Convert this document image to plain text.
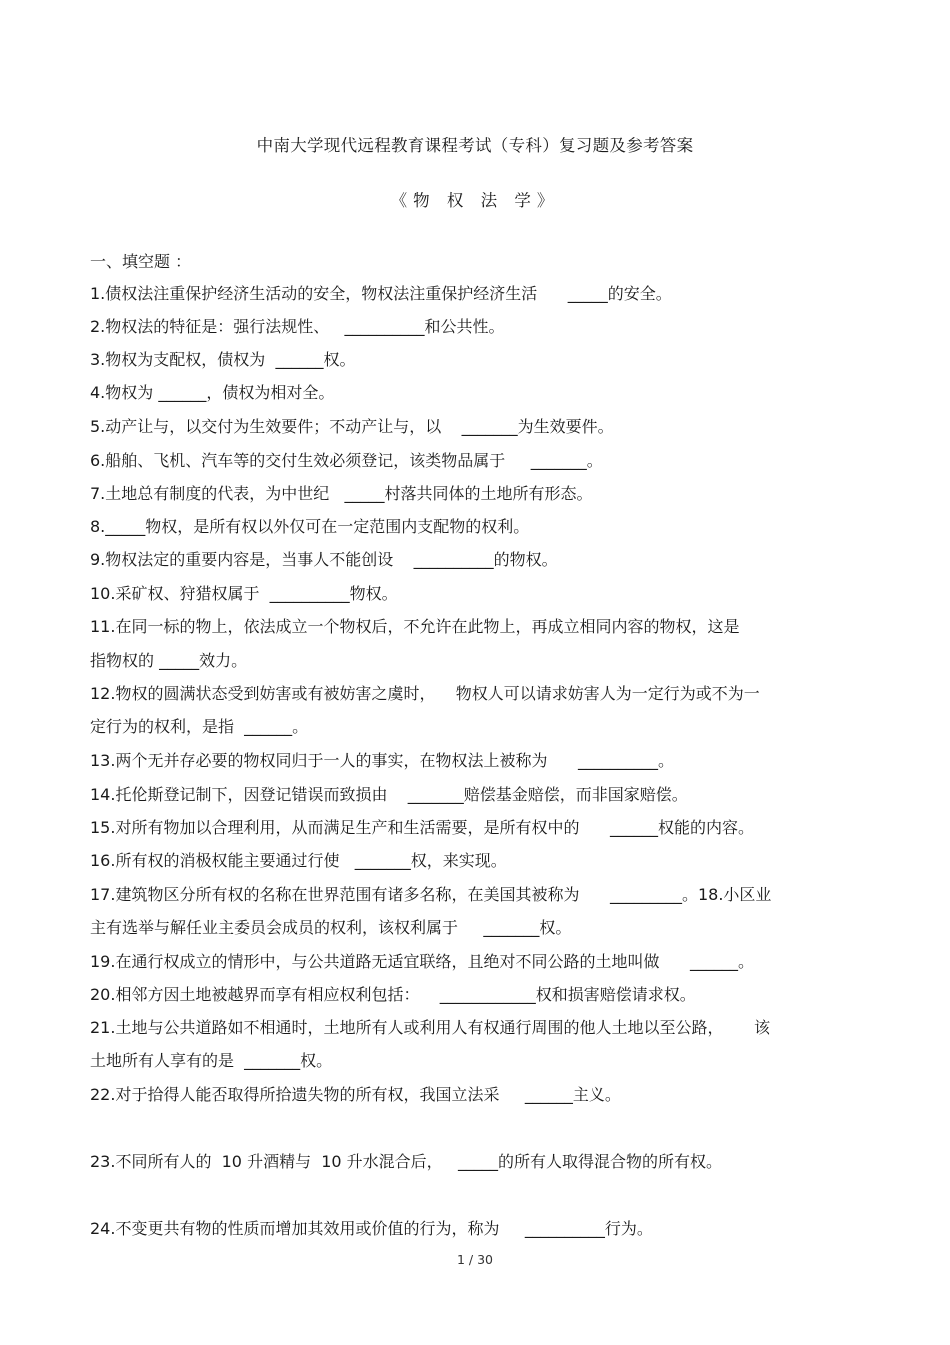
中南大学现代远程教育课程考试（专科）复习题及参考答案
《物 权 法 学》
一、填空题 ：
1.债权法注重保护经济生活动的安全，物权法注重保护经济生活      _____的安全。
2.物权法的特征是：强行法规性、   __________和公共性。
3.物权为支配权，债权为  ______权。
4.物权为 ______，债权为相对全。
5.动产让与，以交付为生效要件；不动产让与，以    _______为生效要件。
6.船舶、飞机、汽车等的交付生效必须登记，该类物品属于     _______。
7.土地总有制度的代表，为中世纪   _____村落共同体的土地所有形态。
8._____物权，是所有权以外仅可在一定范围内支配物的权利。
9.物权法定的重要内容是，当事人不能创设    __________的物权。
10.采矿权、狩猎权属于  __________物权。
11.在同一标的物上，依法成立一个物权后，不允许在此物上，再成立相同内容的物权，这是
指物权的 _____效力。
12.物权的圆满状态受到妨害或有被妨害之虞时，    物权人可以请求妨害人为一定行为或不为一
定行为的权利，是指  ______。
13.两个无并存必要的物权同归于一人的事实，在物权法上被称为      __________。
14.托伦斯登记制下，因登记错误而致损由    _______赔偿基金赔偿，而非国家赔偿。
15.对所有物加以合理利用，从而满足生产和生活需要，是所有权中的      ______权能的内容。
16.所有权的消极权能主要通过行使   _______权，来实现。
17.建筑物区分所有权的名称在世界范围有诸多名称，在美国其被称为      _________。18.小区业
主有选举与解任业主委员会成员的权利，该权利属于     _______权。
19.在通行权成立的情形中，与公共道路无适宜联络，且绝对不同公路的土地叫做      ______。
20.相邻方因土地被越界而享有相应权利包括：    ____________权和损害赔偿请求权。
21.土地与公共道路如不相通时，土地所有人或利用人有权通行周围的他人土地以至公路，      该
土地所有人享有的是  _______权。
22.对于拾得人能否取得所拾遗失物的所有权，我国立法采     ______主义。
23.不同所有人的  10 升酒精与  10 升水混合后，   _____的所有人取得混合物的所有权。
24.不变更共有物的性质而增加其效用或价值的行为，称为     __________行为。
1 / 30
